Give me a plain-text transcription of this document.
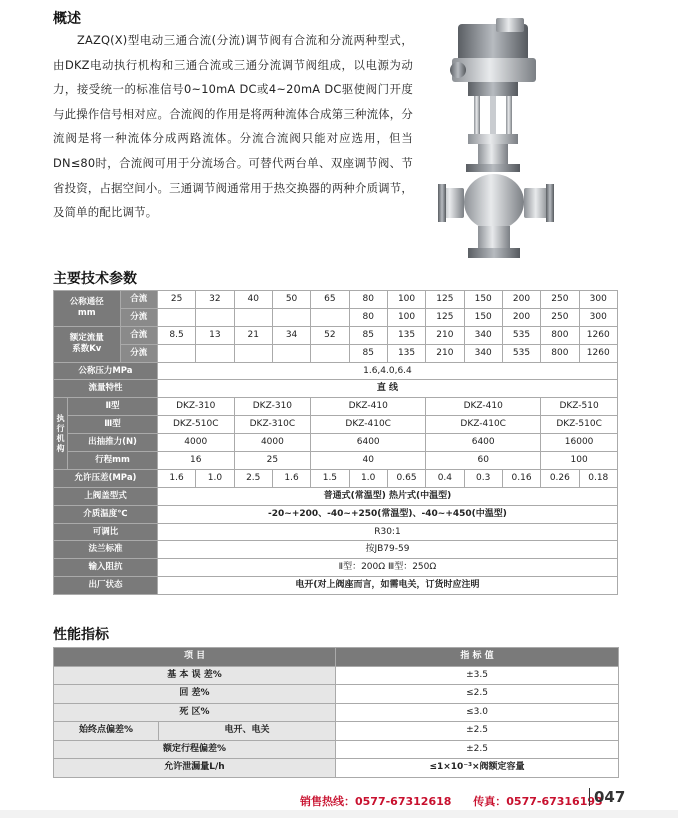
概述

ZAZQ(X)型电动三通合流(分流)调节阀有合流和分流两种型式，由DKZ电动执行机构和三通合流或三通分流调节阀组成，以电源为动力，接受统一的标准信号0~10mA DC或4~20mA DC驱使阀门开度与此操作信号相对应。合流阀的作用是将两种流体合成第三种流体，分流阀是将一种流体分成两路流体。分流合流阀只能对应选用，但当DN≤80时，合流阀可用于分流场合。可替代两台单、双座调节阀、节省投资，占据空间小。三通调节阀通常用于热交换器的两种介质调节，及简单的配比调节。

主要技术参数
公称通径
mm		合流	25	32	40	50	65	80	100	125	150	200	250	300
		分流						80	100	125	150	200	250	300
额定流量
系数Kv		合流	8.5	13	21	34	52	85	135	210	340	535	800	1260
		分流						85	135	210	340	535	800	1260
公称压力MPa			1.6,4.0,6.4											
流量特性			直 线											
执行机构	Ⅱ型		DKZ-310		DKZ-310		DKZ-410			DKZ-410			DKZ-510	
	Ⅲ型		DKZ-510C		DKZ-310C		DKZ-410C			DKZ-410C			DKZ-510C	
	出抽推力(N)		4000		4000		6400			6400			16000	
	行程mm		16		25		40			60			100	
允许压差(MPa)			1.6	1.0	2.5	1.6	1.5	1.0	0.65	0.4	0.3	0.16	0.26	0.18
上阀盖型式			普通式(常温型) 热片式(中温型)											
介质温度℃			-20~+200、-40~+250(常温型)、-40~+450(中温型)											
可调比			R30:1											
法兰标准			按JB79-59											
输入阻抗			Ⅱ型：200Ω Ⅲ型：250Ω											
出厂状态			电开(对上阀座而言，如需电关，订货时应注明											
性能指标
项 目		指 标 值
基 本 误 差%		±3.5
回 差%		≤2.5
死 区%		≤3.0
始终点偏差%	电开、电关	±2.5
额定行程偏差%		±2.5
允许泄漏量L/h		≤1×10⁻³×阀额定容量
销售热线：0577-67312618 传真：0577-67316193
047
